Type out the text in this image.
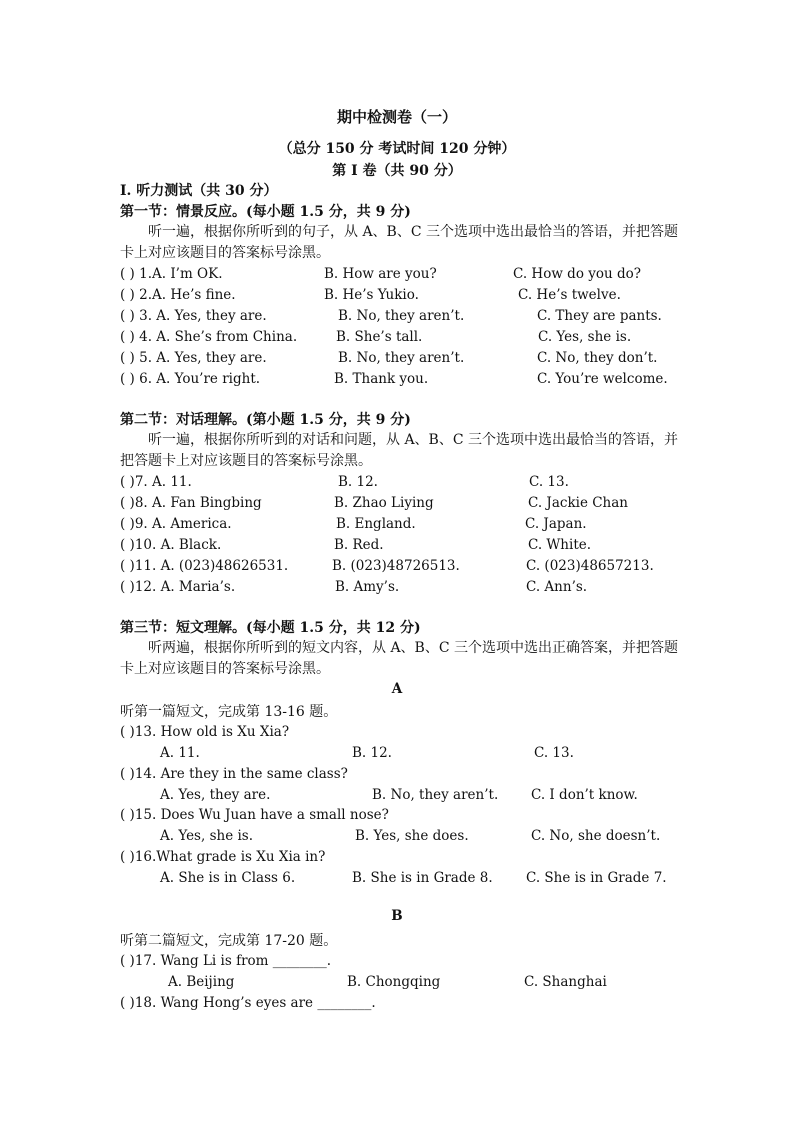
期中检测卷（一）
（总分 150 分 考试时间 120 分钟）
第 I 卷（共 90 分）
I. 听力测试（共 30 分）
第一节：情景反应。(每小题 1.5 分，共 9 分)
听一遍，根据你所听到的句子，从 A、B、C 三个选项中选出最恰当的答语，并把答题卡上对应该题目的答案标号涂黑。
( ) 1.A. I’m OK.	B. How are you?	C. How do you do?
( ) 2.A. He’s fine.	B. He’s Yukio.	C. He’s twelve.
( ) 3. A. Yes, they are.	B. No, they aren’t.	C. They are pants.
( ) 4. A. She’s from China.	B. She’s tall.	C. Yes, she is.
( ) 5. A. Yes, they are.	B. No, they aren’t.	C. No, they don’t.
( ) 6. A. You’re right.	B. Thank you.	C. You’re welcome.
第二节：对话理解。(第小题 1.5 分，共 9 分)
听一遍，根据你所听到的对话和问题，从 A、B、C 三个选项中选出最恰当的答语，并把答题卡上对应该题目的答案标号涂黑。
( )7. A. 11.	B. 12.	C. 13.
( )8. A. Fan Bingbing	B. Zhao Liying	C. Jackie Chan
( )9. A. America.	B. England.	C. Japan.
( )10. A. Black.	B. Red.	C. White.
( )11. A. (023)48626531.	B. (023)48726513.	C. (023)48657213.
( )12. A. Maria’s.	B. Amy’s.	C. Ann’s.
第三节：短文理解。(每小题 1.5 分，共 12 分)
听两遍，根据你所听到的短文内容，从 A、B、C 三个选项中选出正确答案，并把答题卡上对应该题目的答案标号涂黑。
A
听第一篇短文，完成第 13-16 题。
( )13. How old is Xu Xia?
A. 11.	B. 12.	C. 13.
( )14. Are they in the same class?
A. Yes, they are.	B. No, they aren’t. C. I don’t know.
( )15. Does Wu Juan have a small nose?
A. Yes, she is.	B. Yes, she does.	C. No, she doesn’t.
( )16.What grade is Xu Xia in?
A. She is in Class 6.	B. She is in Grade 8. C. She is in Grade 7.
B
听第二篇短文，完成第 17-20 题。
( )17. Wang Li is from ________.
A. Beijing	B. Chongqing	C. Shanghai
( )18. Wang Hong’s eyes are ________.
